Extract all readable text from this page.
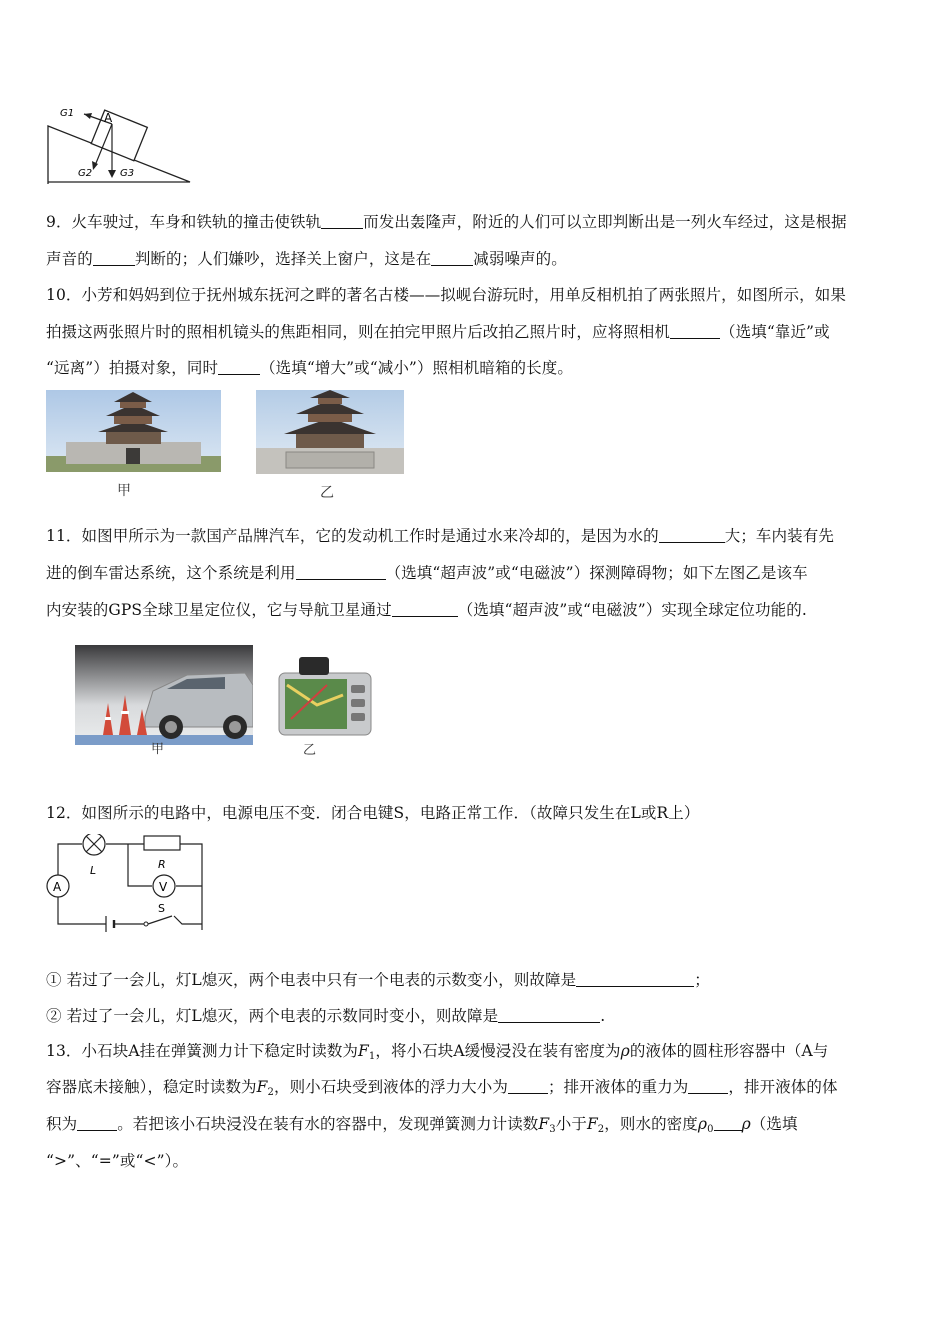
G1 A
G2	G3
9．火车驶过，车身和铁轨的撞击使铁轨	而发出轰隆声，附近的人们可以立即判断出是一列火车经过，这是根据
声音的	判断的；人们嫌吵，选择关上窗户，这是在	减弱噪声的。
10．小芳和妈妈到位于抚州城东抚河之畔的著名古楼——拟岘台游玩时，用单反相机拍了两张照片，如图所示，如果
拍摄这两张照片时的照相机镜头的焦距相同，则在拍完甲照片后改拍乙照片时，应将照相机	（选填“靠近”或
“远离”）拍摄对象，同时	（选填“增大”或“减小”）照相机暗箱的长度。
甲	乙
11．如图甲所示为一款国产品牌汽车，它的发动机工作时是通过水来冷却的，是因为水的	大；车内装有先
进的倒车雷达系统，这个系统是利用	（选填“超声波”或“电磁波”）探测障碍物；如下左图乙是该车
内安装的GPS全球卫星定位仪，它与导航卫星通过	（选填“超声波”或“电磁波”）实现全球定位功能的.
甲	乙
12．如图所示的电路中，电源电压不变．闭合电键S，电路正常工作．（故障只发生在L或R上）
R
L
A	V
S
① 若过了一会儿，灯L熄灭，两个电表中只有一个电表的示数变小，则故障是	；
② 若过了一会儿，灯L熄灭，两个电表的示数同时变小，则故障是	.
13．小石块A挂在弹簧测力计下稳定时读数为$F_1$，将小石块A缓慢浸没在装有密度为ρ的液体的圆柱形容器中（A与
容器底未接触），稳定时读数为$F_2$，则小石块受到液体的浮力大小为	；排开液体的重力为	，排开液体的体
积为	。若把该小石块浸没在装有水的容器中，发现弹簧测力计读数$F_3$小于$F_2$，则水的密度$\rho_0$ ρ（选填
“>”、“=”或“<”）。
